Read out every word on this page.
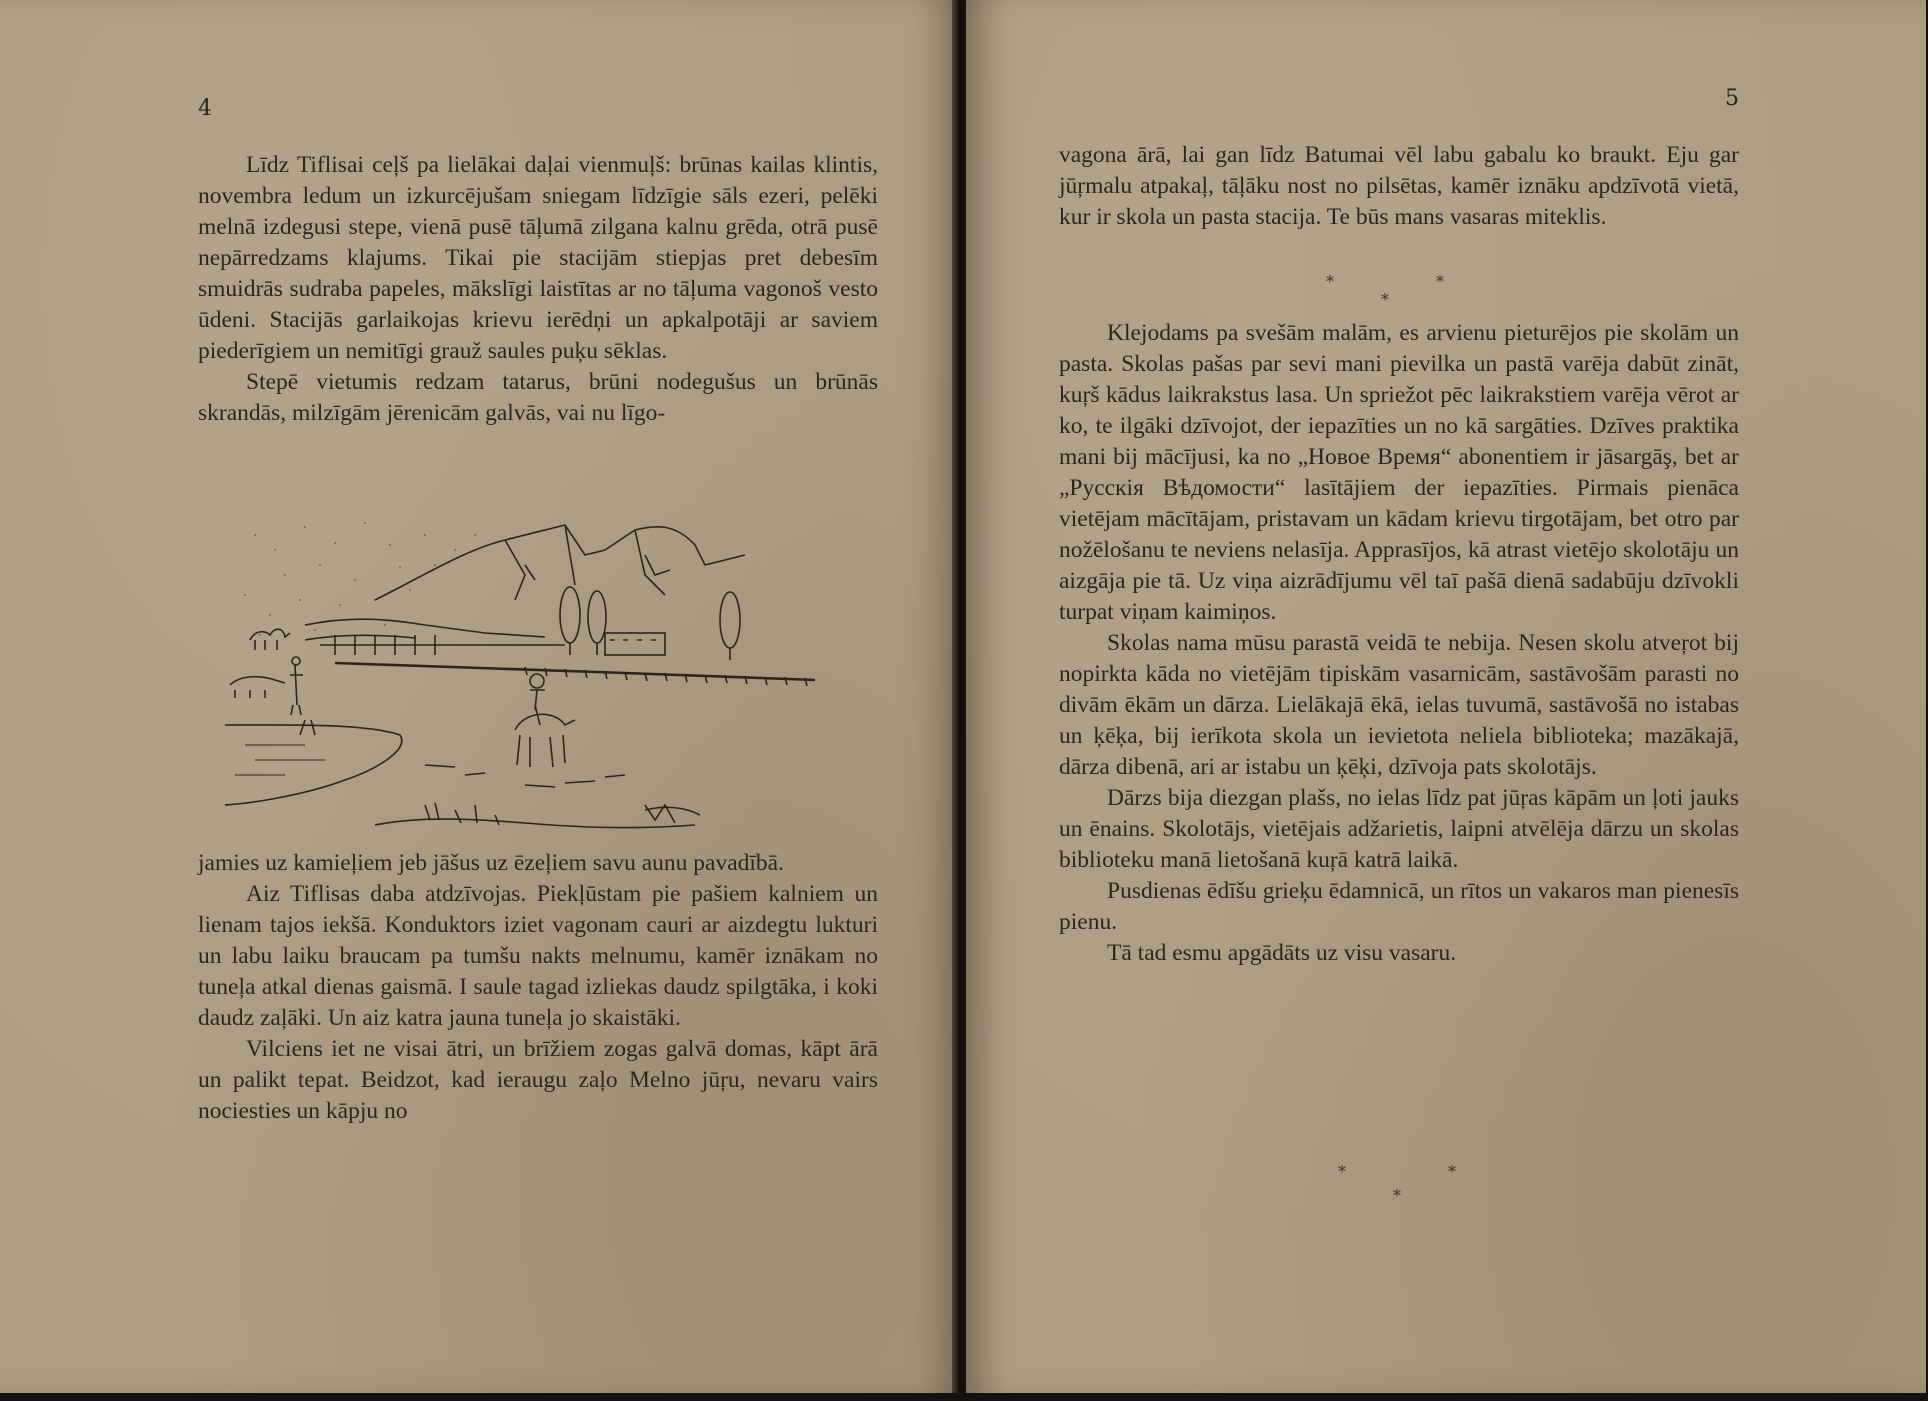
4

Līdz Tiflisai ceļš pa lielākai daļai vienmuļš: brūnas kailas klintis, novembra ledum un izkurcējušam sniegam līdzīgie sāls ezeri, pelēki melnā izdegusi stepe, vienā pusē tāļumā zilgana kalnu grēda, otrā pusē nepārredzams klajums. Tikai pie stacijām stiepjas pret debesīm smuidrās sudraba papeles, mākslīgi laistītas ar no tāļuma vagonoš vesto ūdeni. Stacijās garlaikojas krievu ierēdņi un apkalpotāji ar saviem piederīgiem un nemitīgi grauž saules puķu sēklas.

Stepē vietumis redzam tatarus, brūni nodegušus un brūnās skrandās, milzīgām jērenicām galvās, vai nu līgo-

jamies uz kamieļiem jeb jāšus uz ēzeļiem savu aunu pavadībā.

Aiz Tiflisas daba atdzīvojas. Piekļūstam pie pašiem kalniem un lienam tajos iekšā. Konduktors iziet vagonam cauri ar aizdegtu lukturi un labu laiku braucam pa tumšu nakts melnumu, kamēr iznākam no tuneļa atkal dienas gaismā. I saule tagad izliekas daudz spilgtāka, i koki daudz zaļāki. Un aiz katra jauna tuneļa jo skaistāki.

Vilciens iet ne visai ātri, un brīžiem zogas galvā domas, kāpt ārā un palikt tepat. Beidzot, kad ieraugu zaļo Melno jūŗu, nevaru vairs nociesties un kāpju no

5

vagona ārā, lai gan līdz Batumai vēl labu gabalu ko braukt. Eju gar jūŗmalu atpakaļ, tāļāku nost no pilsētas, kamēr iznāku apdzīvotā vietā, kur ir skola un pasta stacija. Te būs mans vasaras miteklis.

*	*
*

Klejodams pa svešām malām, es arvienu pieturējos pie skolām un pasta. Skolas pašas par sevi mani pievilka un pastā varēja dabūt zināt, kuŗš kādus laikrakstus lasa. Un spriežot pēc laikrakstiem varēja vērot ar ko, te ilgāki dzīvojot, der iepazīties un no kā sargāties. Dzīves praktika mani bij mācījusi, ka no „Новое Время“ abonentiem ir jāsargāş, bet ar „Русскія Вѣдомости“ lasītājiem der iepazīties. Pirmais pienāca vietējam mācītājam, pristavam un kādam krievu tirgotājam, bet otro par nožēlošanu te neviens nelasīja. Apprasījos, kā atrast vietējo skolotāju un aizgāja pie tā. Uz viņa aizrādījumu vēl taī pašā dienā sadabūju dzīvokli turpat viņam kaimiņos.

Skolas nama mūsu parastā veidā te nebija. Nesen skolu atveŗot bij nopirkta kāda no vietējām tipiskām vasarnicām, sastāvošām parasti no divām ēkām un dārza. Lielākajā ēkā, ielas tuvumā, sastāvošā no istabas un ķēķa, bij ierīkota skola un ievietota neliela biblioteka; mazākajā, dārza dibenā, ari ar istabu un ķēķi, dzīvoja pats skolotājs.

Dārzs bija diezgan plašs, no ielas līdz pat jūŗas kāpām un ļoti jauks un ēnains. Skolotājs, vietējais adžarietis, laipni atvēlēja dārzu un skolas biblioteku manā lietošanā kuŗā katrā laikā.

Pusdienas ēdīšu grieķu ēdamnicā, un rītos un vakaros man pienesīs pienu.

Tā tad esmu apgādāts uz visu vasaru.

*	*
*
